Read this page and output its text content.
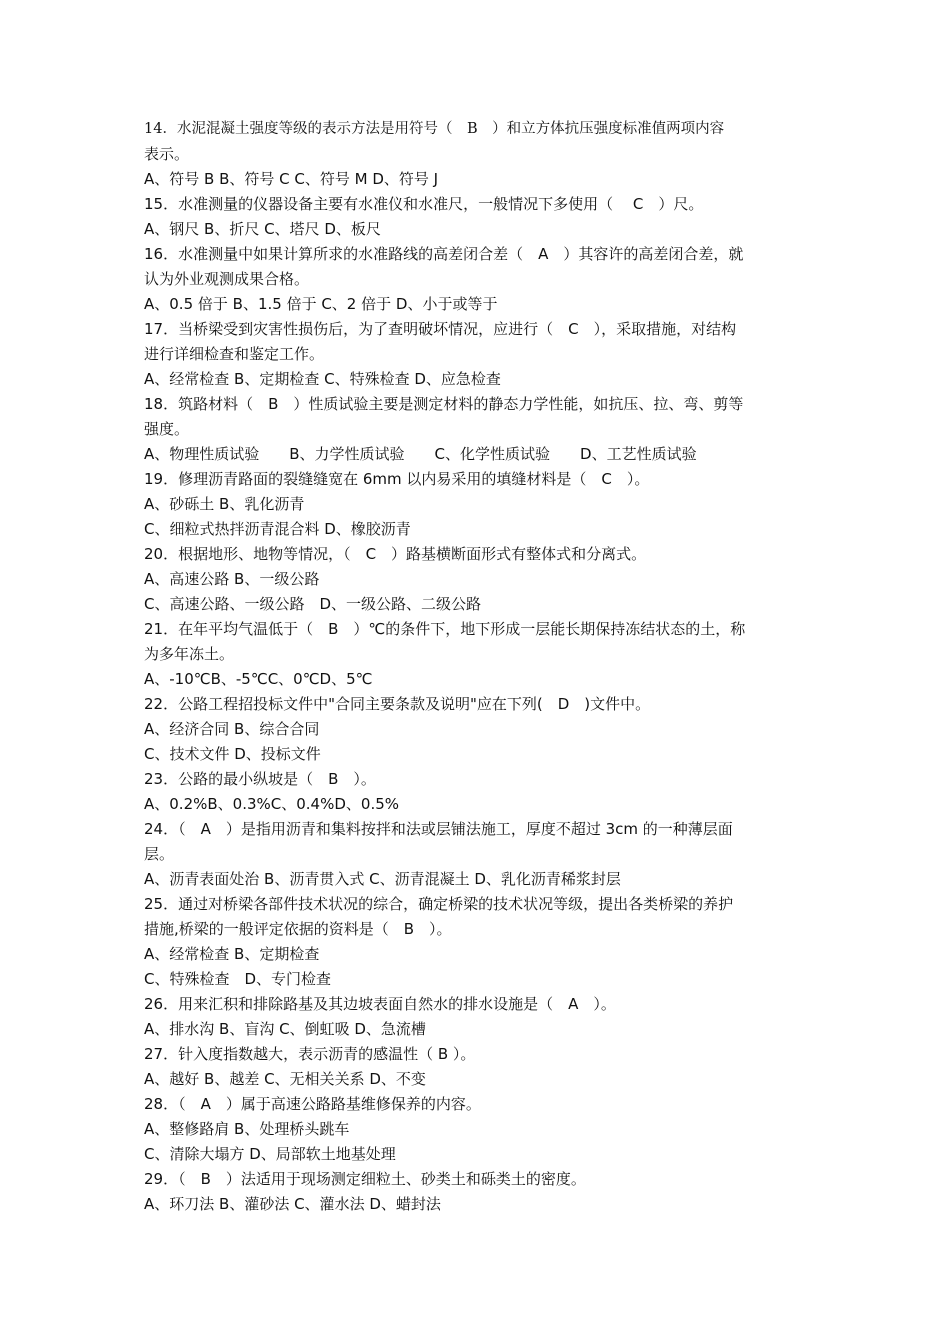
14．水泥混凝土强度等级的表示方法是用符号（　B　）和立方体抗压强度标准值两项内容
表示。
A、符号 B B、符号 C C、符号 M D、符号 J
15．水准测量的仪器设备主要有水准仪和水准尺，一般情况下多使用（　 C　）尺。
A、钢尺 B、折尺 C、塔尺 D、板尺
16．水准测量中如果计算所求的水准路线的高差闭合差（　A　）其容许的高差闭合差，就
认为外业观测成果合格。
A、0.5 倍于 B、1.5 倍于 C、2 倍于 D、小于或等于
17．当桥梁受到灾害性损伤后，为了查明破坏情况，应进行（　C　），采取措施，对结构
进行详细检查和鉴定工作。
A、经常检查 B、定期检查 C、特殊检查 D、应急检查
18．筑路材料（　B　）性质试验主要是测定材料的静态力学性能，如抗压、拉、弯、剪等
强度。
A、物理性质试验　　B、力学性质试验　　C、化学性质试验　　D、工艺性质试验
19．修理沥青路面的裂缝缝宽在 6mm 以内易采用的填缝材料是（　C　）。
A、砂砾土 B、乳化沥青
C、细粒式热拌沥青混合料 D、橡胶沥青
20．根据地形、地物等情况，（　C　）路基横断面形式有整体式和分离式。
A、高速公路 B、一级公路
C、高速公路、一级公路　D、一级公路、二级公路
21．在年平均气温低于（　B　）℃的条件下，地下形成一层能长期保持冻结状态的土，称
为多年冻土。
A、-10℃B、-5℃C、0℃D、5℃
22．公路工程招投标文件中"合同主要条款及说明"应在下列(　D　)文件中。
A、经济合同 B、综合合同
C、技术文件 D、投标文件
23．公路的最小纵坡是（　B　）。
A、0.2%B、0.3%C、0.4%D、0.5%
24．（　A　）是指用沥青和集料按拌和法或层铺法施工，厚度不超过 3cm 的一种薄层面
层。
A、沥青表面处治 B、沥青贯入式 C、沥青混凝土 D、乳化沥青稀浆封层
25．通过对桥梁各部件技术状况的综合，确定桥梁的技术状况等级，提出各类桥梁的养护
措施,桥梁的一般评定依据的资料是（　B　）。
A、经常检查 B、定期检查
C、特殊检查　D、专门检查
26．用来汇积和排除路基及其边坡表面自然水的排水设施是（　A　）。
A、排水沟 B、盲沟 C、倒虹吸 D、急流槽
27．针入度指数越大，表示沥青的感温性（ B ）。
A、越好 B、越差 C、无相关关系 D、不变
28．（　A　）属于高速公路路基维修保养的内容。
A、整修路肩 B、处理桥头跳车
C、清除大塌方 D、局部软土地基处理
29．（　B　）法适用于现场测定细粒土、砂类土和砾类土的密度。
A、环刀法 B、灌砂法 C、灌水法 D、蜡封法
